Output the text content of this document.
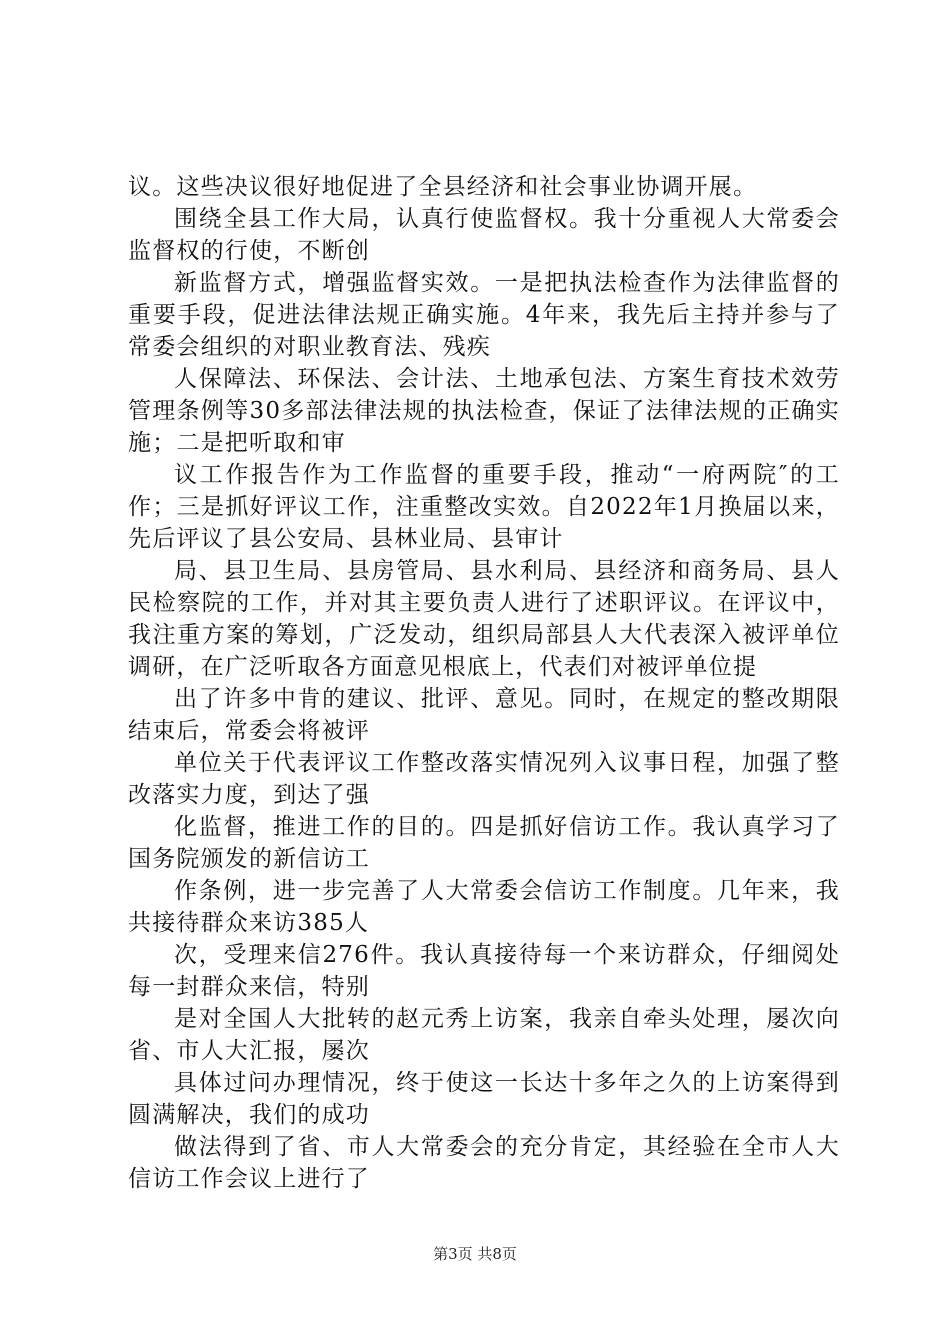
议。这些决议很好地促进了全县经济和社会事业协调开展。

围绕全县工作大局，认真行使监督权。我十分重视人大常委会监督权的行使，不断创

新监督方式，增强监督实效。一是把执法检查作为法律监督的重要手段，促进法律法规正确实施。4年来，我先后主持并参与了常委会组织的对职业教育法、残疾

人保障法、环保法、会计法、土地承包法、方案生育技术效劳管理条例等30多部法律法规的执法检查，保证了法律法规的正确实施；二是把听取和审

议工作报告作为工作监督的重要手段，推动“一府两院″的工作；三是抓好评议工作，注重整改实效。自2022年1月换届以来，先后评议了县公安局、县林业局、县审计

局、县卫生局、县房管局、县水利局、县经济和商务局、县人民检察院的工作，并对其主要负责人进行了述职评议。在评议中，我注重方案的筹划，广泛发动，组织局部县人大代表深入被评单位调研，在广泛听取各方面意见根底上，代表们对被评单位提

出了许多中肯的建议、批评、意见。同时，在规定的整改期限结束后，常委会将被评

单位关于代表评议工作整改落实情况列入议事日程，加强了整改落实力度，到达了强

化监督，推进工作的目的。四是抓好信访工作。我认真学习了国务院颁发的新信访工

作条例，进一步完善了人大常委会信访工作制度。几年来，我共接待群众来访385人

次，受理来信276件。我认真接待每一个来访群众，仔细阅处每一封群众来信，特别

是对全国人大批转的赵元秀上访案，我亲自牵头处理，屡次向省、市人大汇报，屡次

具体过问办理情况，终于使这一长达十多年之久的上访案得到圆满解决，我们的成功

做法得到了省、市人大常委会的充分肯定，其经验在全市人大信访工作会议上进行了

第3页 共8页
